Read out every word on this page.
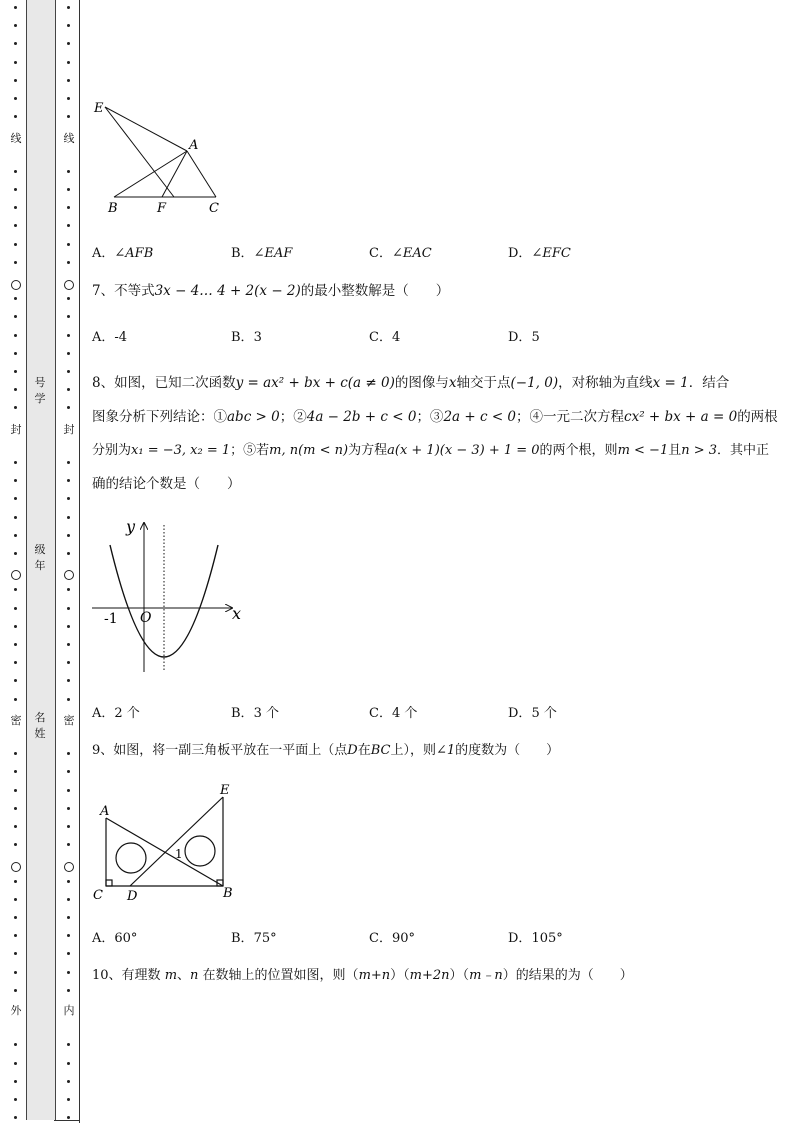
线
封
密
外
线
封
密
内
号
学
级
年
名
姓
E
A
B	F	C
A．∠AFB	B．∠EAF	C．∠EAC	D．∠EFC
7、不等式3x − 4… 4 + 2(x − 2)的最小整数解是（　　）
A．-4	B．3	C．4	D．5
8、如图，已知二次函数y = ax² + bx + c(a ≠ 0)的图像与x轴交于点(−1, 0)，对称轴为直线x = 1．结合
图象分析下列结论：①abc > 0；②4a − 2b + c < 0；③2a + c < 0；④一元二次方程cx² + bx + a = 0的两根
分别为x₁ = −3, x₂ = 1；⑤若m, n(m < n)为方程a(x + 1)(x − 3) + 1 = 0的两个根，则m < −1且n > 3．其中正
确的结论个数是（　　）
y
x
O
-1
A．2 个	B．3 个	C．4 个	D．5 个
9、如图，将一副三角板平放在一平面上（点D在BC上），则∠1的度数为（　　）
A
E
C D	B
1
A．60°	B．75°	C．90°	D．105°
10、有理数 m、n 在数轴上的位置如图，则（m+n）（m+2n）（m﹣n）的结果的为（　　）
